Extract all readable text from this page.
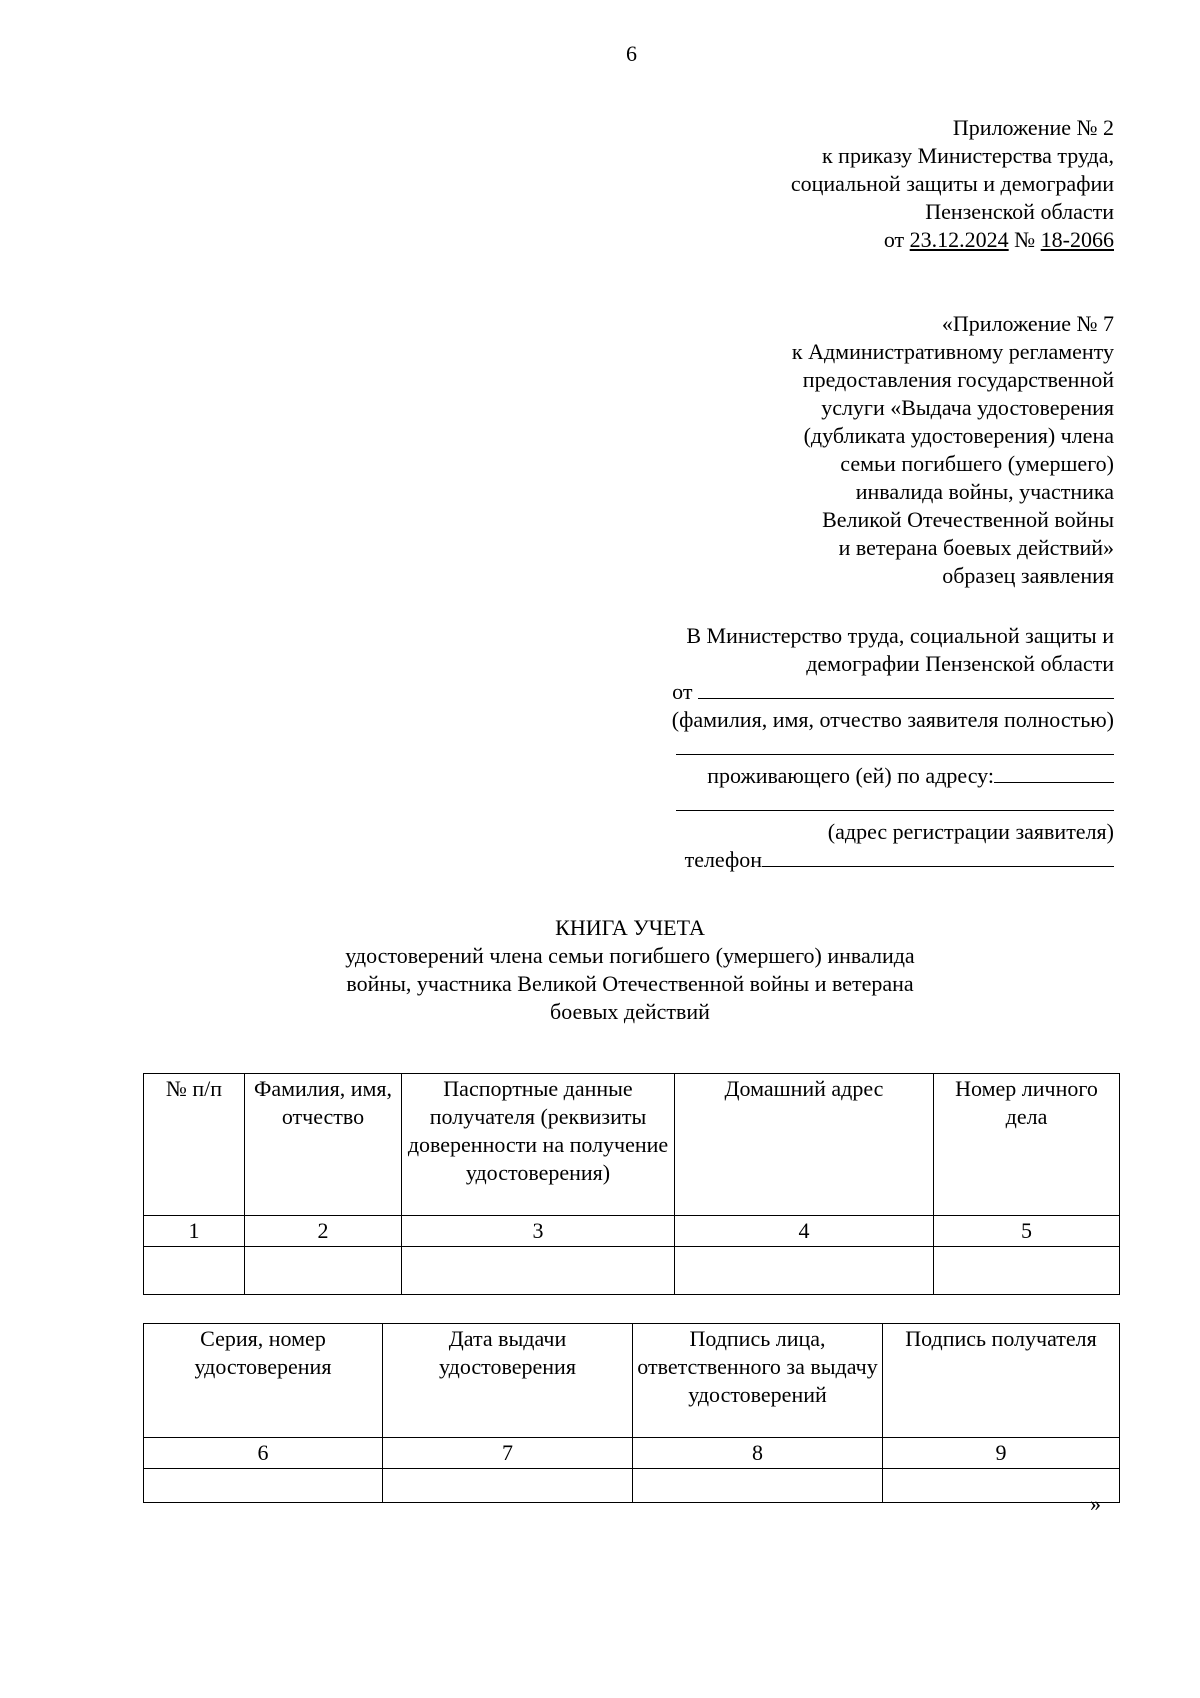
6
Приложение № 2
к приказу Министерства труда,
социальной защиты и демографии
Пензенской области
от 23.12.2024 № 18-2066
«Приложение № 7
к Административному регламенту
предоставления государственной
услуги «Выдача удостоверения
(дубликата удостоверения) члена
семьи погибшего (умершего)
инвалида войны, участника
Великой Отечественной войны
и ветерана боевых действий»
образец заявления
В Министерство труда, социальной защиты и
демографии Пензенской области
от
(фамилия, имя, отчество заявителя полностью)
проживающего (ей) по адресу:
(адрес регистрации заявителя)
телефон
КНИГА УЧЕТА
удостоверений члена семьи погибшего (умершего) инвалида
войны, участника Великой Отечественной войны и ветерана
боевых действий
№ п/п	Фамилия, имя, отчество	Паспортные данные получателя (реквизиты доверенности на получение удостоверения)	Домашний адрес	Номер личного дела
1	2	3	4	5

Серия, номер удостоверения	Дата выдачи удостоверения	Подпись лица, ответственного за выдачу удостоверений	Подпись получателя
6	7	8	9

»
